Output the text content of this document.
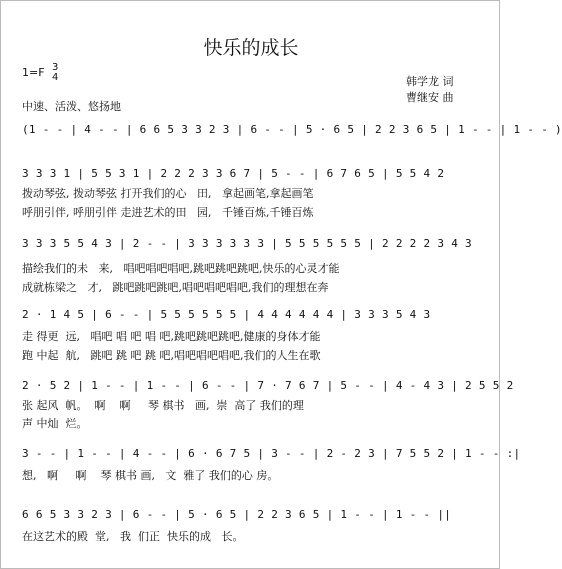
快乐的成长
1=F 3
4
中速、活泼、悠扬地
韩学龙 词
曹继安 曲
(1 - - | 4 - - | 6 6 5 3 3 2 3 | 6 - - | 5 · 6 5 | 2 2 3 6 5 | 1 - - | 1 - - )
3 3 3 1 | 5 5 3 1 | 2 2 2 3 3 6 7 | 5 - - | 6 7 6 5 | 5 5 4 2
拨动琴弦, 拨动琴弦 打开我们的心   田,   拿起画笔,拿起画笔
呼朋引伴, 呼朋引伴 走进艺术的田   园,   千锤百炼,千锤百炼
3 3 3 5 5 4 3 | 2 - - | 3 3 3 3 3 3 | 5 5 5 5 5 5 | 2 2 2 2 3 4 3
描绘我们的未   来,   唱吧唱吧唱吧,跳吧跳吧跳吧,快乐的心灵才能
成就栋梁之   才,   跳吧跳吧跳吧,唱吧唱吧唱吧,我们的理想在奔
2 · 1 4 5 | 6 - - | 5 5 5 5 5 5 | 4 4 4 4 4 4 | 3 3 3 5 4 3
走 得更  远,   唱吧 唱 吧 唱 吧,跳吧跳吧跳吧,健康的身体才能
跑 中起  航,   跳吧 跳 吧 跳 吧,唱吧唱吧唱吧,我们的人生在歌
2 · 5 2 | 1 - - | 1 - - | 6 - - | 7 · 7 6 7 | 5 - - | 4 - 4 3 | 2 5 5 2
张 起风  帆。  啊    啊     琴 棋书   画,  崇  高了 我们的理
声 中灿  烂。
3 - - | 1 - - | 4 - - | 6 · 6 7 5 | 3 - - | 2 - 2 3 | 7 5 5 2 | 1 - - :|
想,   啊     啊    琴 棋书 画,   文  雅了 我们的心 房。
6 6 5 3 3 2 3 | 6 - - | 5 · 6 5 | 2 2 3 6 5 | 1 - - | 1 - - ||
在这艺术的殿  堂,   我  们正  快乐的成   长。
